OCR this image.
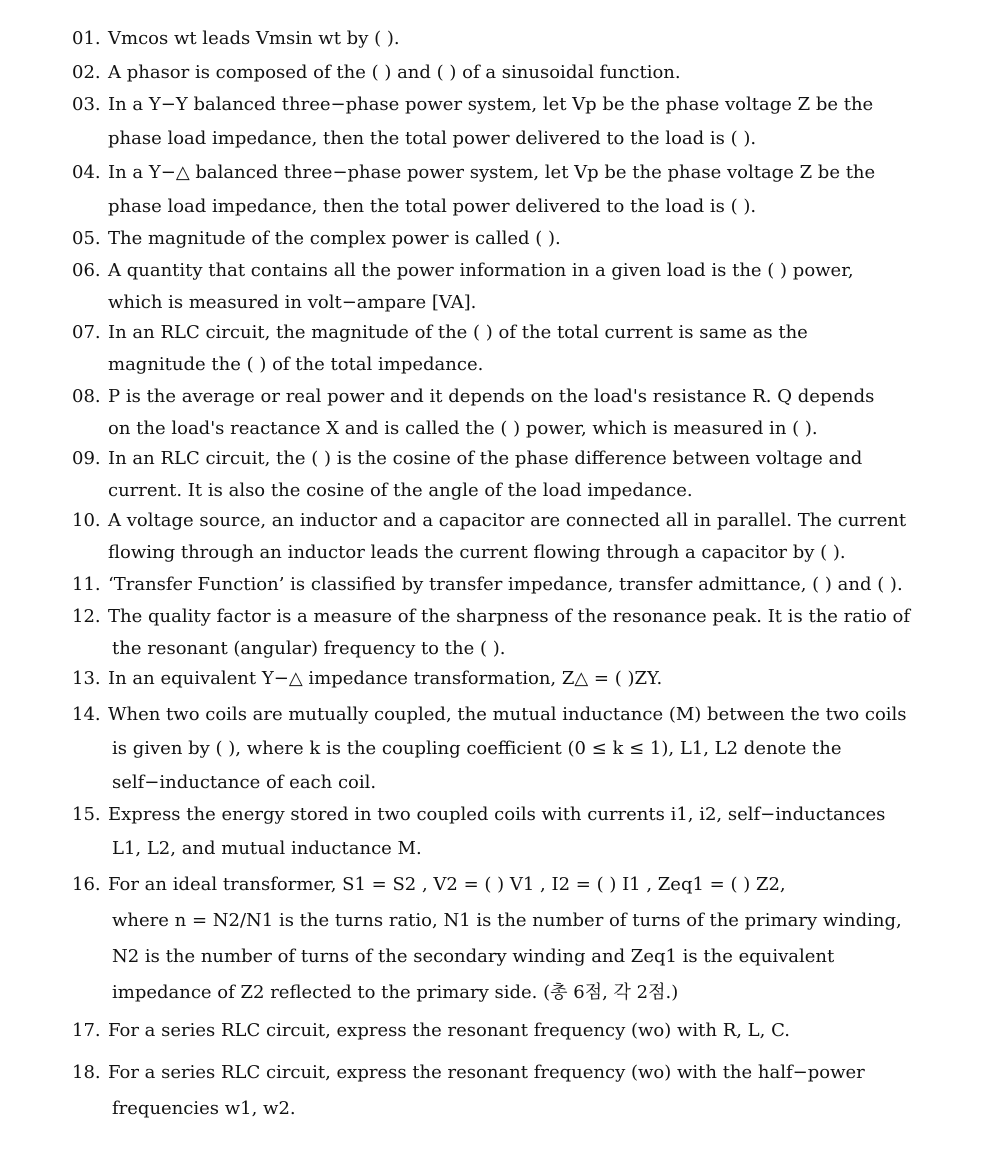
01. Vmcos wt leads Vmsin wt by ( ).
02. A phasor is composed of the ( ) and ( ) of a sinusoidal function.
03. In a Y−Y balanced three−phase power system, let Vp be the phase voltage Z be the
phase load impedance, then the total power delivered to the load is ( ).
04. In a Y−△ balanced three−phase power system, let Vp be the phase voltage Z be the
phase load impedance, then the total power delivered to the load is ( ).
05. The magnitude of the complex power is called ( ).
06. A quantity that contains all the power information in a given load is the ( ) power,
which is measured in volt−ampare [VA].
07. In an RLC circuit, the magnitude of the ( ) of the total current is same as the
magnitude the ( ) of the total impedance.
08. P is the average or real power and it depends on the load's resistance R. Q depends
on the load's reactance X and is called the ( ) power, which is measured in ( ).
09. In an RLC circuit, the ( ) is the cosine of the phase difference between voltage and
current. It is also the cosine of the angle of the load impedance.
10. A voltage source, an inductor and a capacitor are connected all in parallel. The current
flowing through an inductor leads the current flowing through a capacitor by ( ).
11. ‘Transfer Function’ is classified by transfer impedance, transfer admittance, ( ) and ( ).
12. The quality factor is a measure of the sharpness of the resonance peak. It is the ratio of
the resonant (angular) frequency to the ( ).
13. In an equivalent Y−△ impedance transformation, Z△ = ( )ZY.
14. When two coils are mutually coupled, the mutual inductance (M) between the two coils
is given by ( ), where k is the coupling coefficient (0 ≤ k ≤ 1), L1, L2 denote the
self−inductance of each coil.
15. Express the energy stored in two coupled coils with currents i1, i2, self−inductances
L1, L2, and mutual inductance M.
16. For an ideal transformer, S1 = S2 , V2 = ( ) V1 , I2 = ( ) I1 , Zeq1 = ( ) Z2,
where n = N2/N1 is the turns ratio, N1 is the number of turns of the primary winding,
N2 is the number of turns of the secondary winding and Zeq1 is the equivalent
impedance of Z2 reflected to the primary side. (총 6점, 각 2점.)
17. For a series RLC circuit, express the resonant frequency (wo) with R, L, C.
18. For a series RLC circuit, express the resonant frequency (wo) with the half−power
frequencies w1, w2.
